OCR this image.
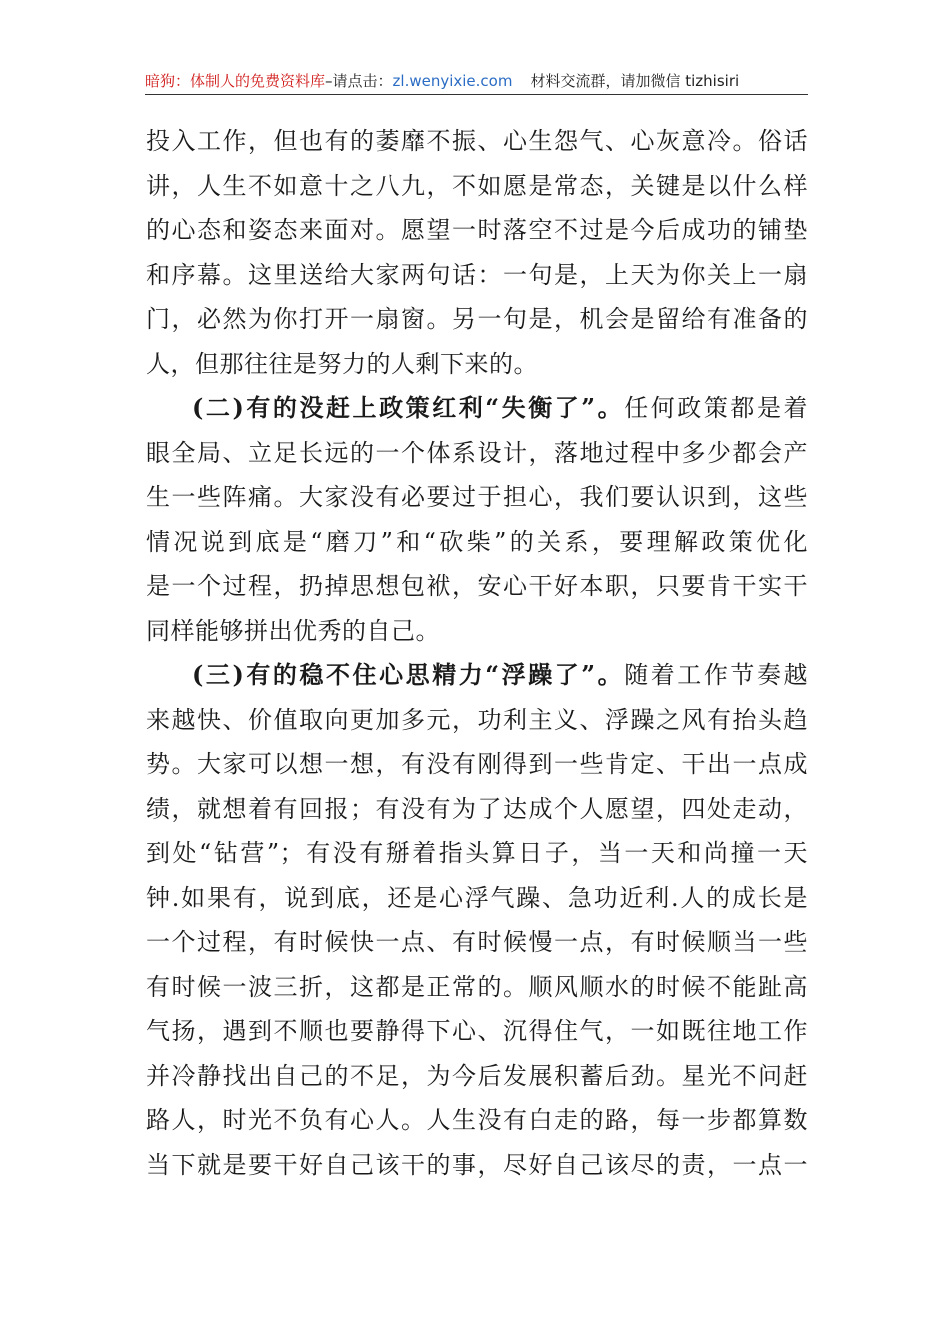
暗狗：体制人的免费资料库–请点击：zl.wenyixie.com 材料交流群，请加微信 tizhisiri
投入工作，但也有的萎靡不振、心生怨气、心灰意冷。俗话
讲，人生不如意十之八九，不如愿是常态，关键是以什么样
的心态和姿态来面对。愿望一时落空不过是今后成功的铺垫
和序幕。这里送给大家两句话：一句是，上天为你关上一扇
门，必然为你打开一扇窗。另一句是，机会是留给有准备的
人，但那往往是努力的人剩下来的。
(二)有的没赶上政策红利“失衡了”。任何政策都是着
眼全局、立足长远的一个体系设计，落地过程中多少都会产
生一些阵痛。大家没有必要过于担心，我们要认识到，这些
情况说到底是“磨刀”和“砍柴”的关系，要理解政策优化
是一个过程，扔掉思想包袱，安心干好本职，只要肯干实干
同样能够拼出优秀的自己。
(三)有的稳不住心思精力“浮躁了”。随着工作节奏越
来越快、价值取向更加多元，功利主义、浮躁之风有抬头趋
势。大家可以想一想，有没有刚得到一些肯定、干出一点成
绩，就想着有回报；有没有为了达成个人愿望，四处走动，
到处“钻营”；有没有掰着指头算日子，当一天和尚撞一天
钟.如果有，说到底，还是心浮气躁、急功近利.人的成长是
一个过程，有时候快一点、有时候慢一点，有时候顺当一些
有时候一波三折，这都是正常的。顺风顺水的时候不能趾高
气扬，遇到不顺也要静得下心、沉得住气，一如既往地工作
并冷静找出自己的不足，为今后发展积蓄后劲。星光不问赶
路人，时光不负有心人。人生没有白走的路，每一步都算数
当下就是要干好自己该干的事，尽好自己该尽的责，一点一
